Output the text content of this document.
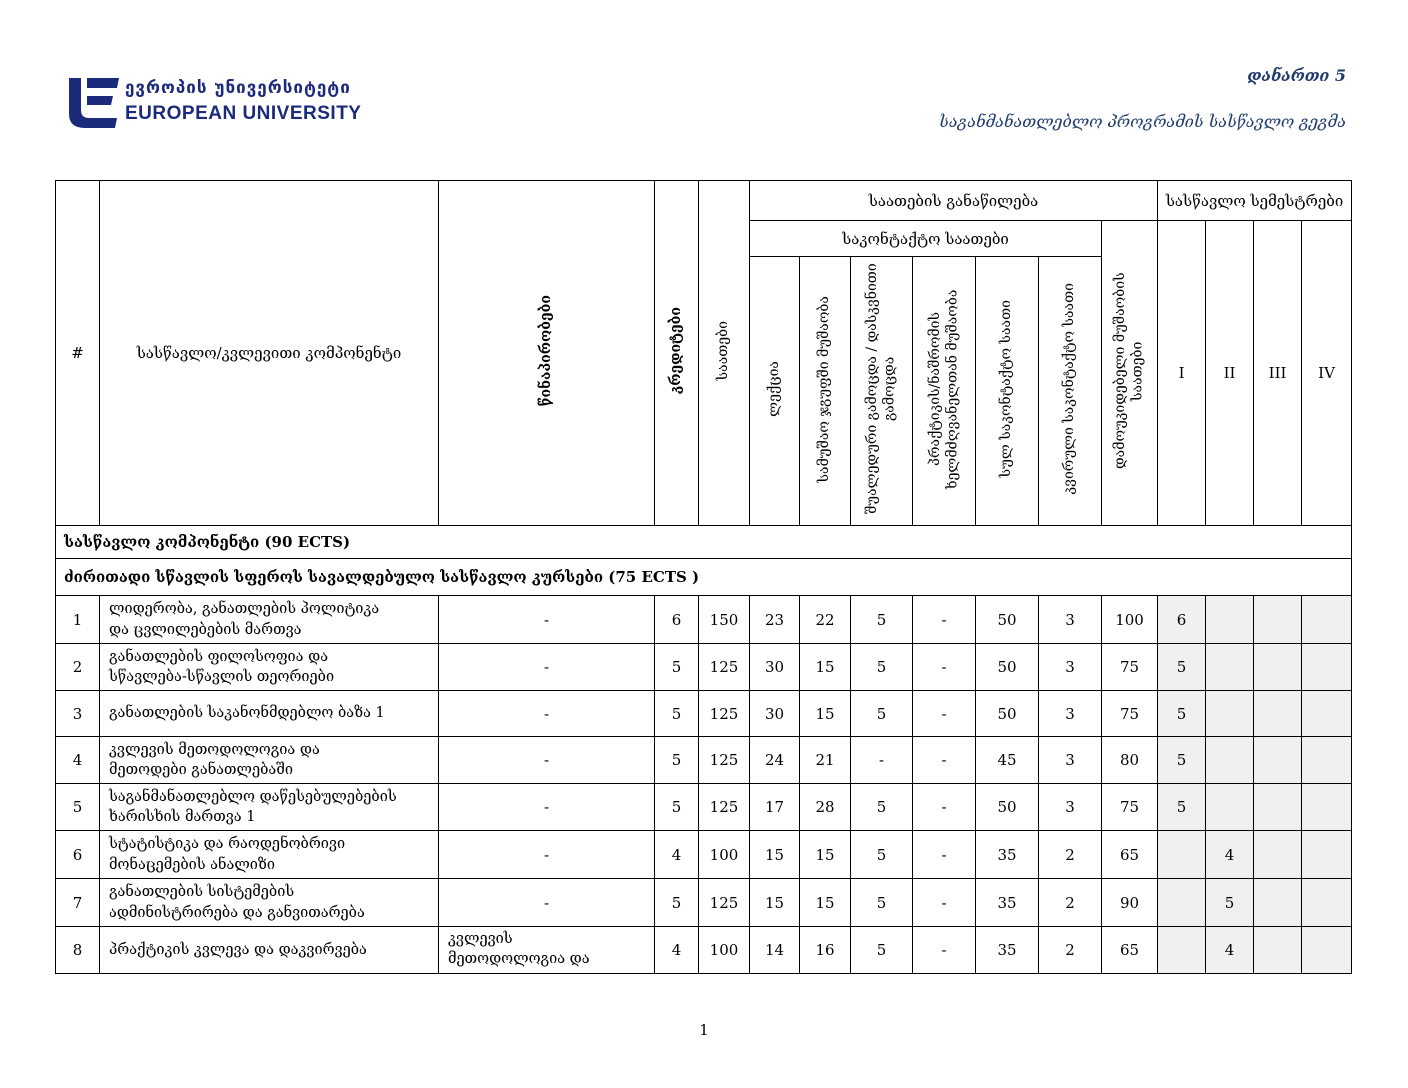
ევროპის უნივერსიტეტი
EUROPEAN UNIVERSITY
დანართი 5
საგანმანათლებლო პროგრამის სასწავლო გეგმა
#	სასწავლო/კვლევითი კომპონენტი	წინაპირობები	კრედიტები	საათები	საათების განაწილება							სასწავლო სემესტრები			
					საკონტაქტო საათები						დამოუკიდებელი მუშაობის საათები	I	II	III	IV
					ლექცია	სამუშაო ჯგუფში მუშაობა	შუალედური გამოცდა / დასკვნითი გამოცდა	პრაქტიკის/ნაშრომის ხელმძღვანელთან მუშაობა	სულ საკონტაქტო საათი	კვირული საკონტაქტო საათი					
სასწავლო კომპონენტი (90 ECTS)															
ძირითადი სწავლის სფეროს სავალდებულო სასწავლო კურსები (75 ECTS )															
1	ლიდერობა, განათლების პოლიტიკა
და ცვლილებების მართვა	-	6	150	23	22	5	-	50	3	100	6			
2	განათლების ფილოსოფია და
სწავლება-სწავლის თეორიები	-	5	125	30	15	5	-	50	3	75	5			
3	განათლების საკანონმდებლო ბაზა 1	-	5	125	30	15	5	-	50	3	75	5			
4	კვლევის მეთოდოლოგია და
მეთოდები განათლებაში	-	5	125	24	21	-	-	45	3	80	5			
5	საგანმანათლებლო დაწესებულებების
ხარისხის მართვა 1	-	5	125	17	28	5	-	50	3	75	5			
6	სტატისტიკა და რაოდენობრივი
მონაცემების ანალიზი	-	4	100	15	15	5	-	35	2	65		4		
7	განათლების სისტემების
ადმინისტრირება და განვითარება	-	5	125	15	15	5	-	35	2	90		5		
8	პრაქტიკის კვლევა და დაკვირვება	კვლევის
მეთოდოლოგია და	4	100	14	16	5	-	35	2	65		4		
1
